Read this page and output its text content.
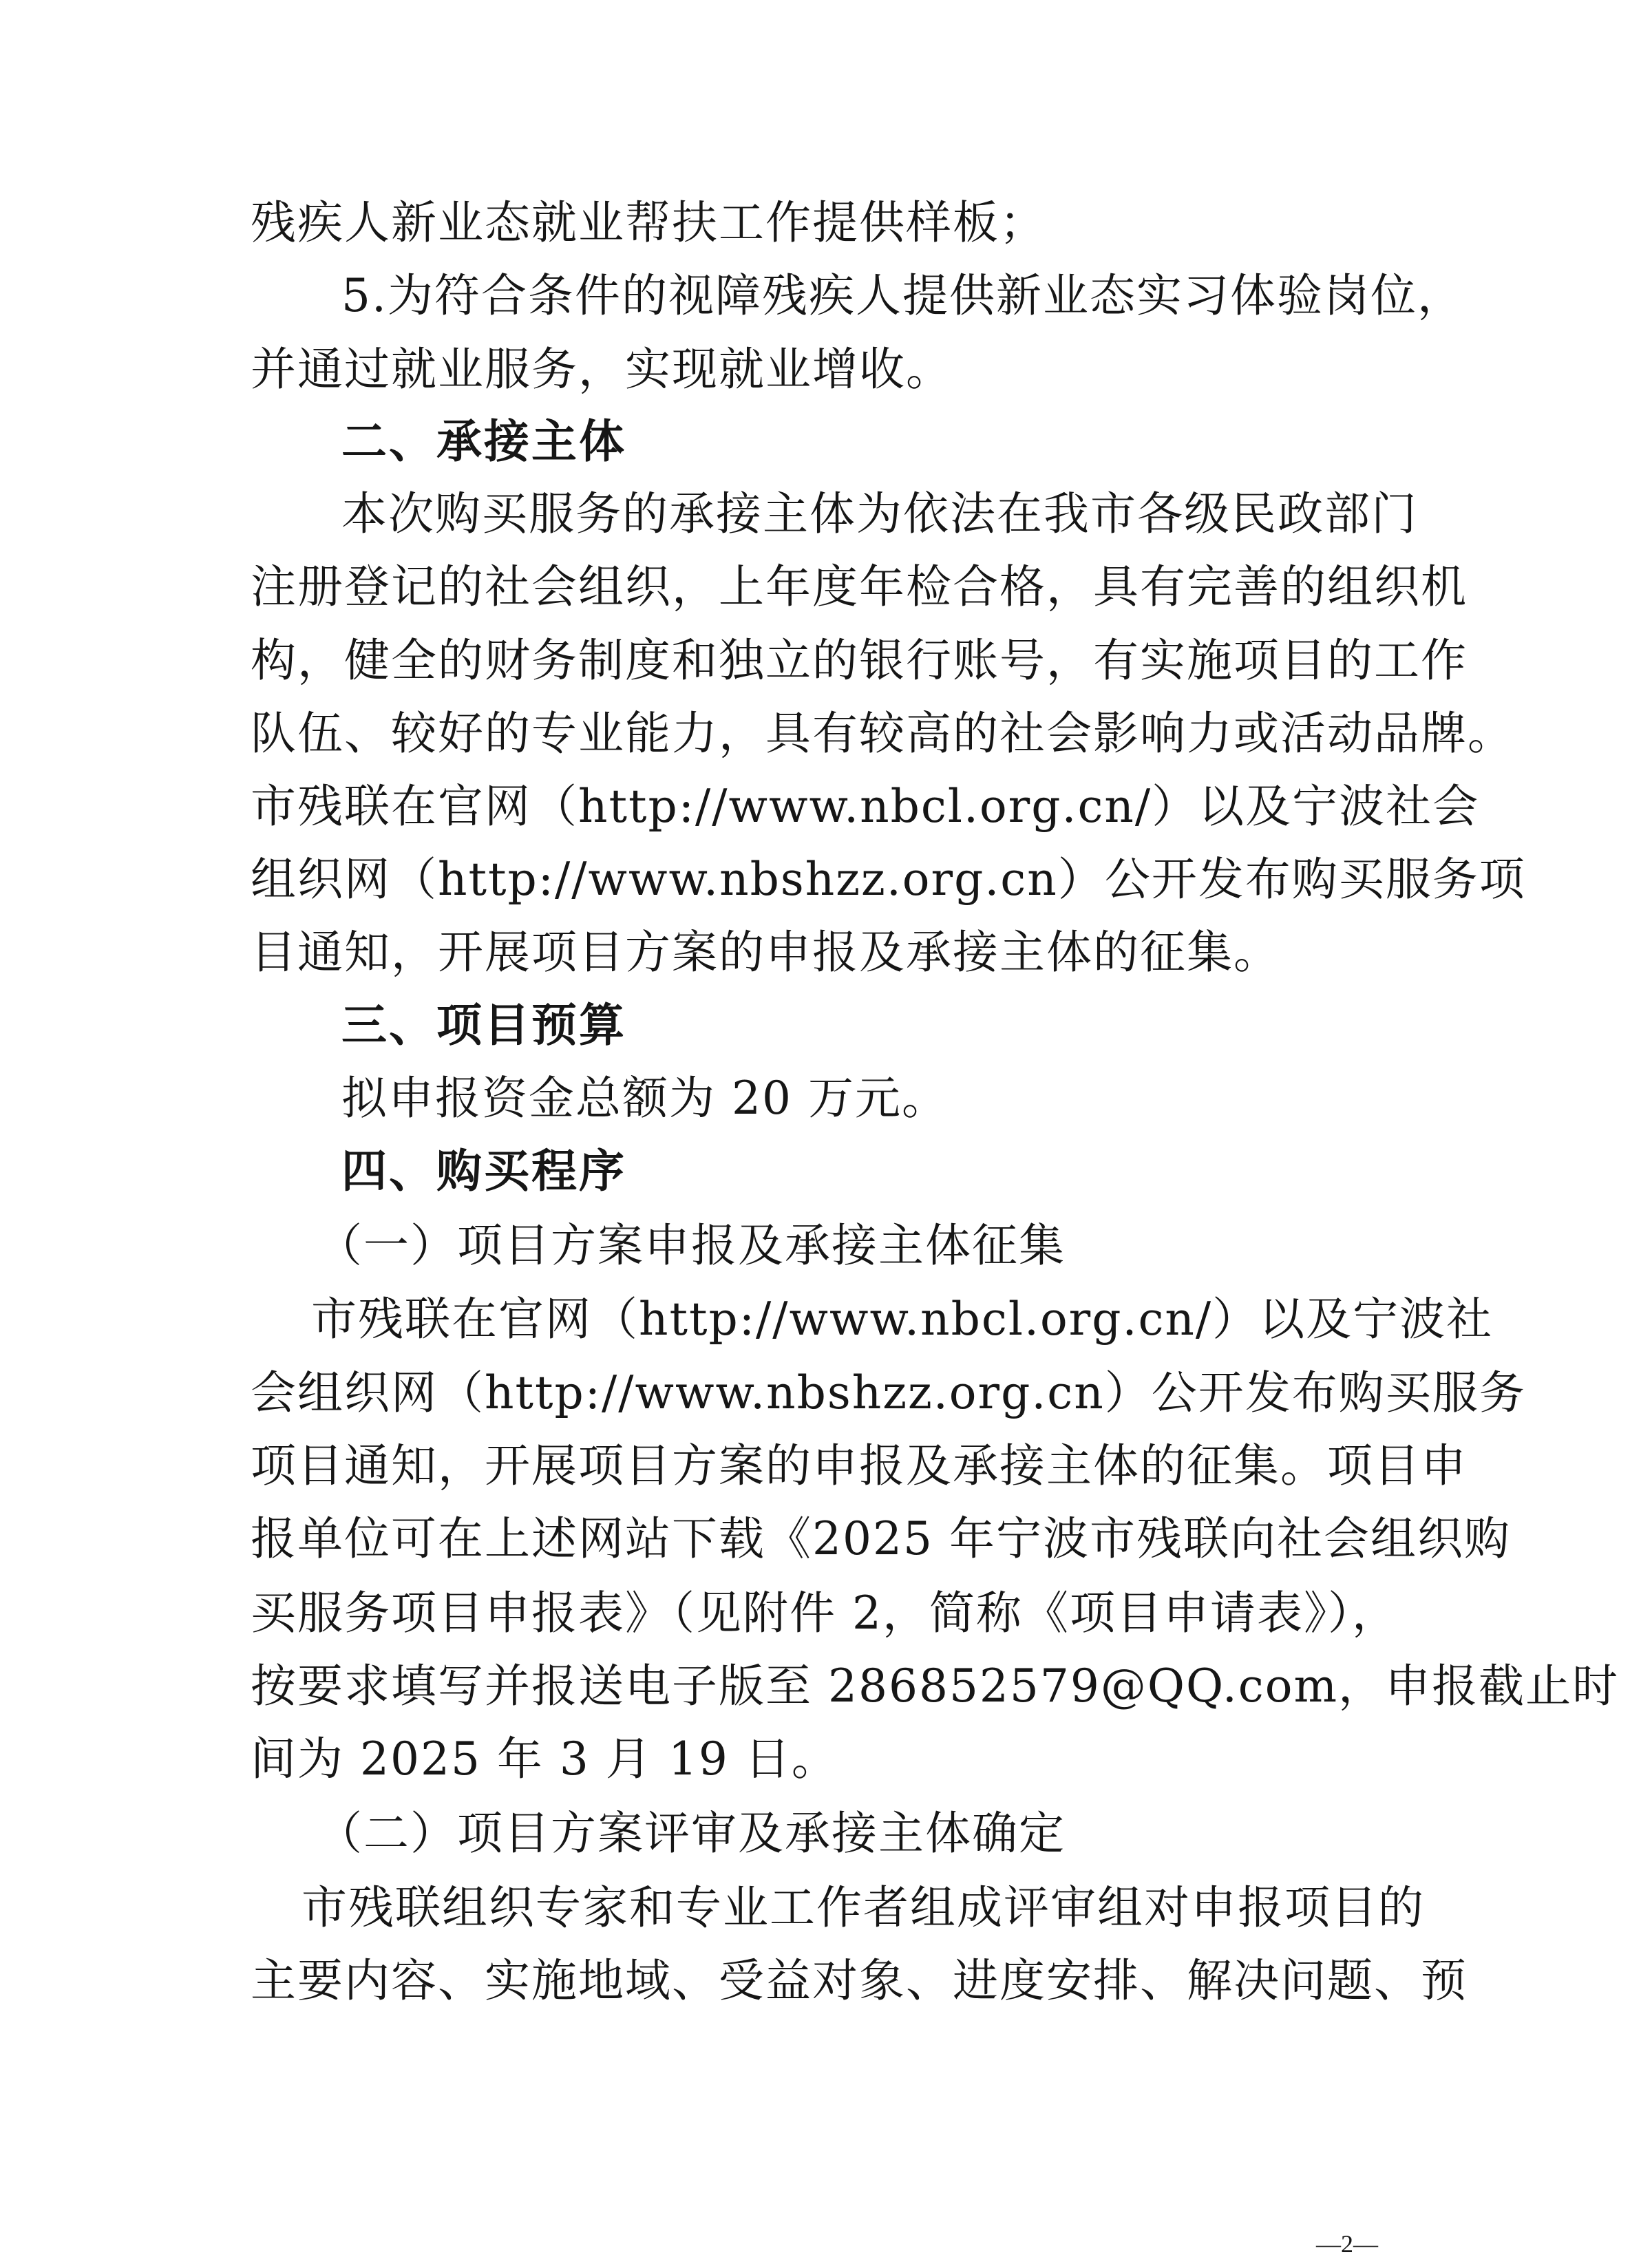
残疾人新业态就业帮扶工作提供样板；
5.为符合条件的视障残疾人提供新业态实习体验岗位，
并通过就业服务，实现就业增收。
二、承接主体
本次购买服务的承接主体为依法在我市各级民政部门
注册登记的社会组织，上年度年检合格，具有完善的组织机
构，健全的财务制度和独立的银行账号，有实施项目的工作
队伍、较好的专业能力，具有较高的社会影响力或活动品牌。
市残联在官网（http://www.nbcl.org.cn/）以及宁波社会
组织网（http://www.nbshzz.org.cn）公开发布购买服务项
目通知，开展项目方案的申报及承接主体的征集。
三、项目预算
拟申报资金总额为 20 万元。
四、购买程序
（一）项目方案申报及承接主体征集
市残联在官网（http://www.nbcl.org.cn/）以及宁波社
会组织网（http://www.nbshzz.org.cn）公开发布购买服务
项目通知，开展项目方案的申报及承接主体的征集。项目申
报单位可在上述网站下载《2025 年宁波市残联向社会组织购
买服务项目申报表》（见附件 2，简称《项目申请表》），
按要求填写并报送电子版至 286852579@QQ.com，申报截止时
间为 2025 年 3 月 19 日。
（二）项目方案评审及承接主体确定
市残联组织专家和专业工作者组成评审组对申报项目的
主要内容、实施地域、受益对象、进度安排、解决问题、预
—2—
